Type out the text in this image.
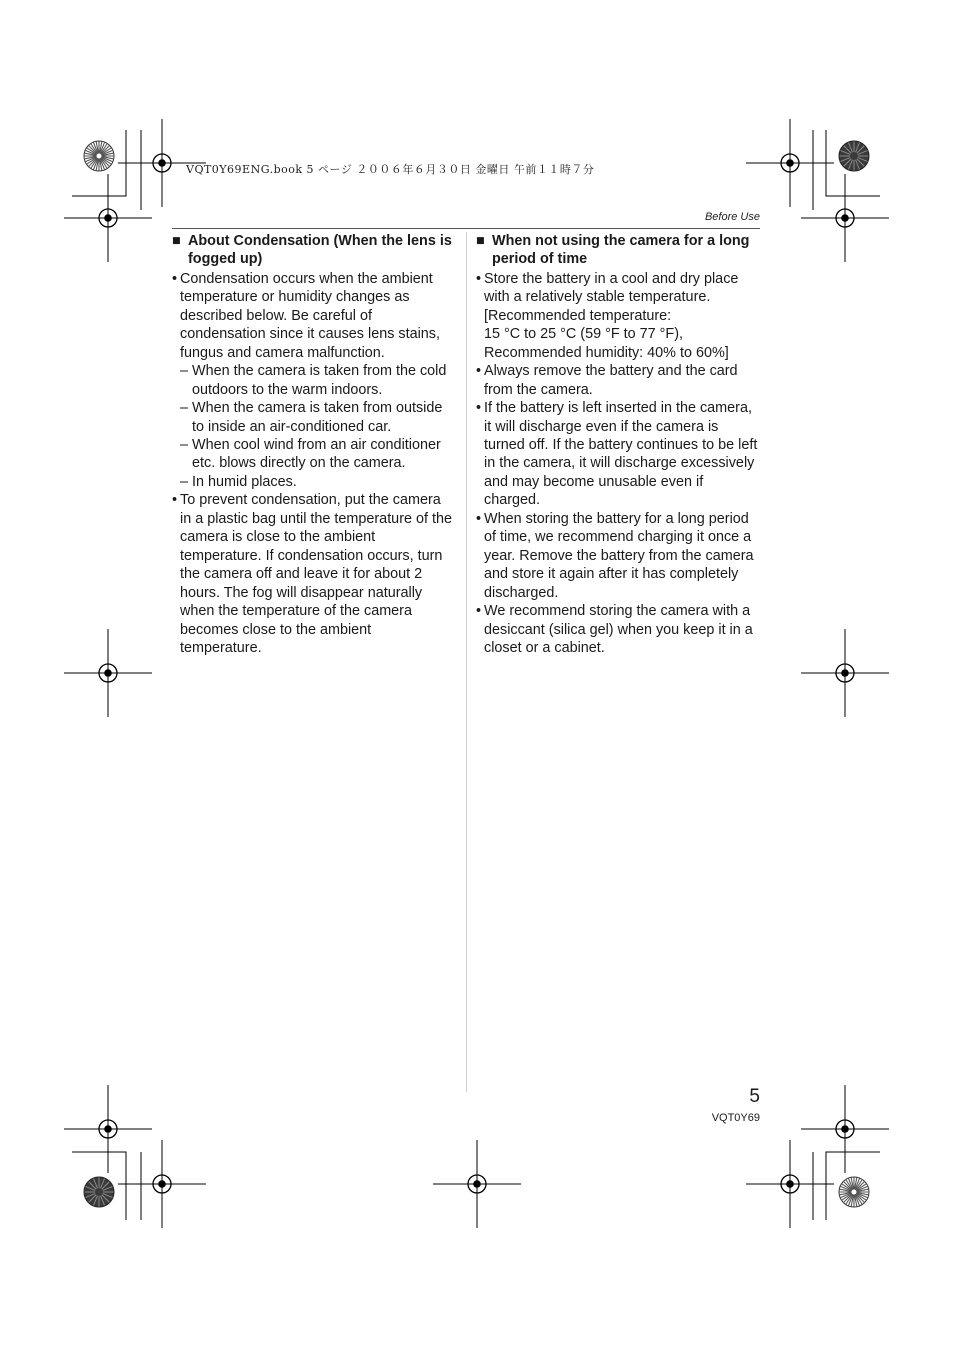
VQT0Y69ENG.book 5 ページ ２００６年６月３０日 金曜日 午前１１時７分
Before Use
■ About Condensation (When the lens is fogged up)
• Condensation occurs when the ambient temperature or humidity changes as described below. Be careful of condensation since it causes lens stains, fungus and camera malfunction.
– When the camera is taken from the cold outdoors to the warm indoors.
– When the camera is taken from outside to inside an air-conditioned car.
– When cool wind from an air conditioner etc. blows directly on the camera.
– In humid places.
• To prevent condensation, put the camera in a plastic bag until the temperature of the camera is close to the ambient temperature. If condensation occurs, turn the camera off and leave it for about 2 hours. The fog will disappear naturally when the temperature of the camera becomes close to the ambient temperature.
■ When not using the camera for a long period of time
• Store the battery in a cool and dry place with a relatively stable temperature.
[Recommended temperature:
15 °C to 25 °C (59 °F to 77 °F),
Recommended humidity: 40% to 60%]
• Always remove the battery and the card from the camera.
• If the battery is left inserted in the camera, it will discharge even if the camera is turned off. If the battery continues to be left in the camera, it will discharge excessively and may become unusable even if charged.
• When storing the battery for a long period of time, we recommend charging it once a year. Remove the battery from the camera and store it again after it has completely discharged.
• We recommend storing the camera with a desiccant (silica gel) when you keep it in a closet or a cabinet.
5
VQT0Y69
